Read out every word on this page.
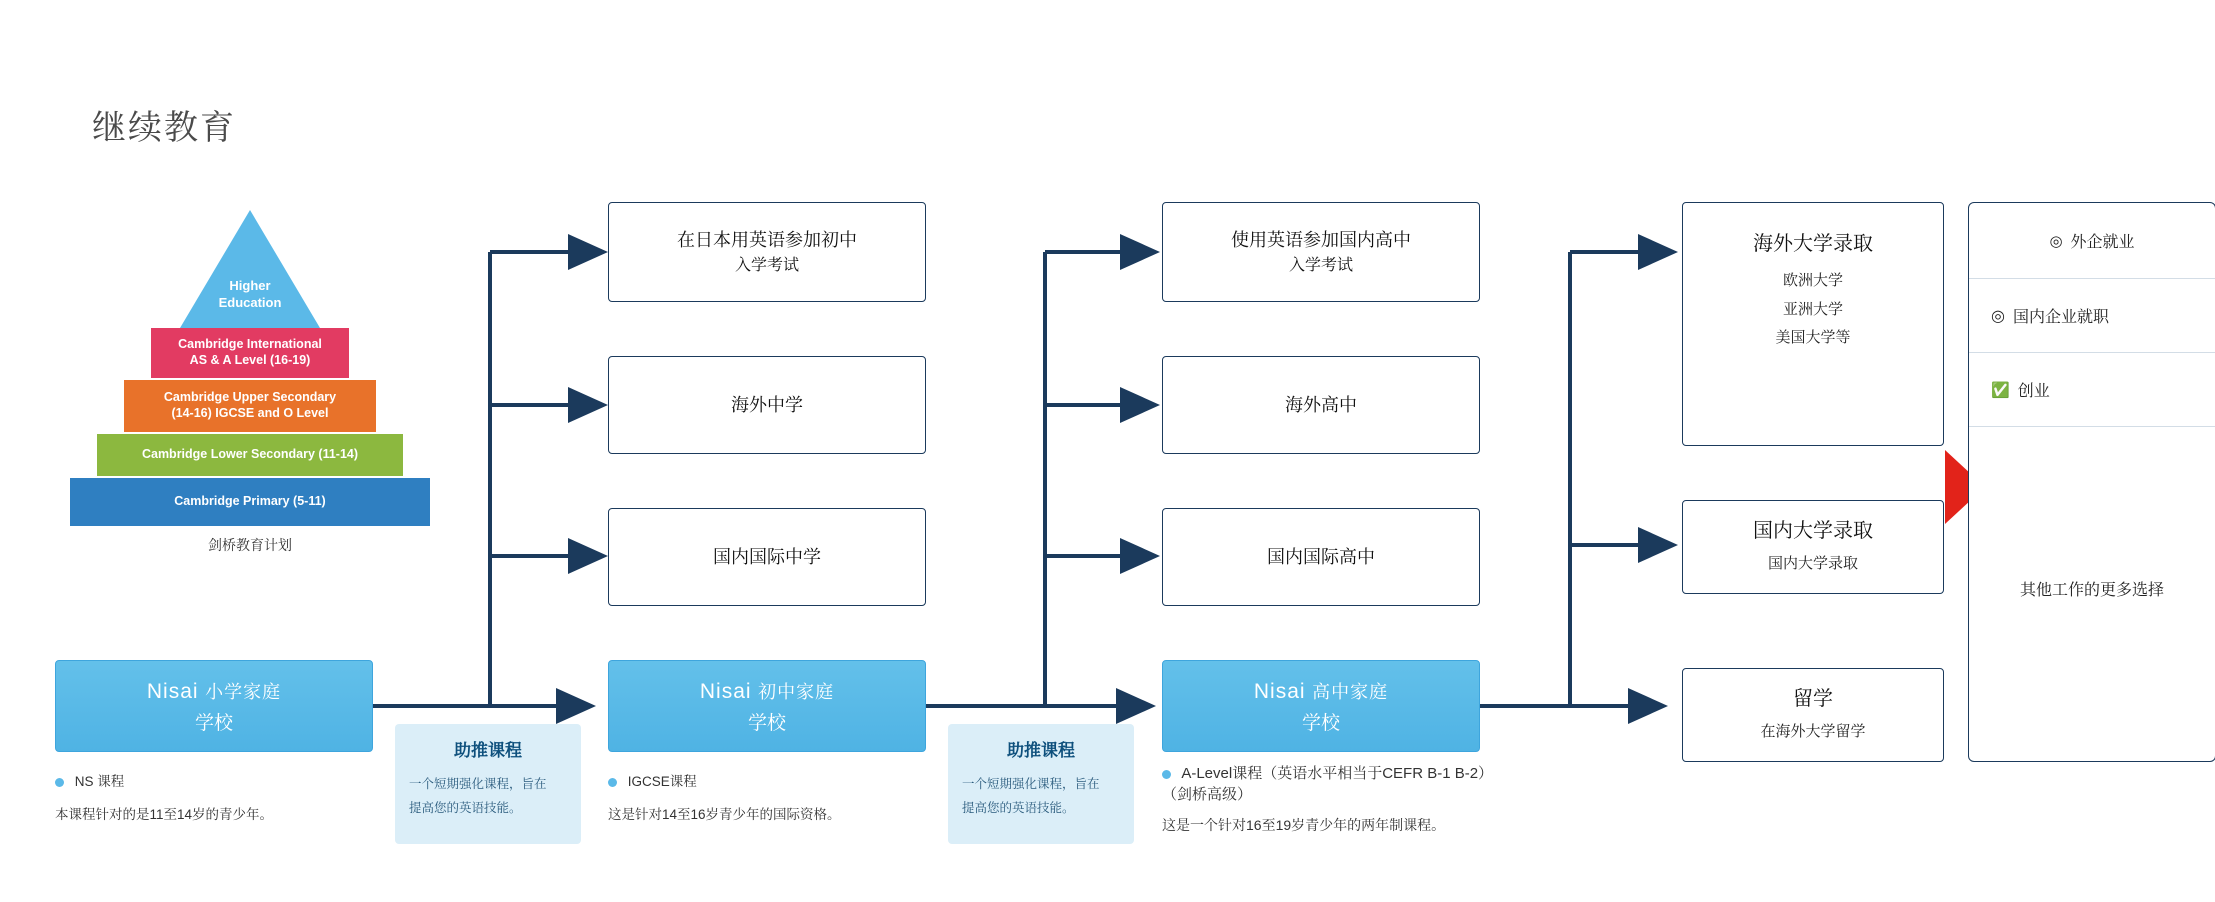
继续教育
Higher
Education
Cambridge International
AS & A Level (16-19)
Cambridge Upper Secondary
(14-16) IGCSE and O Level
Cambridge Lower Secondary (11-14)
Cambridge Primary (5-11)
剑桥教育计划
在日本用英语参加初中
入学考试
海外中学
国内国际中学
使用英语参加国内高中
入学考试
海外高中
国内国际高中
海外大学录取
欧洲大学
亚洲大学
美国大学等
国内大学录取
国内大学录取
留学
在海外大学留学
◎ 外企就业
◎ 国内企业就职
✅ 创业
其他工作的更多选择
Nisai 小学家庭
学校
Nisai 初中家庭
学校
Nisai 高中家庭
学校
助推课程
一个短期强化课程，旨在
提高您的英语技能。
助推课程
一个短期强化课程，旨在
提高您的英语技能。
NS 课程
本课程针对的是11至14岁的青少年。
IGCSE课程
这是针对14至16岁青少年的国际资格。
A-Level课程（英语水平相当于CEFR B-1 B-2）
（剑桥高级）
这是一个针对16至19岁青少年的两年制课程。
